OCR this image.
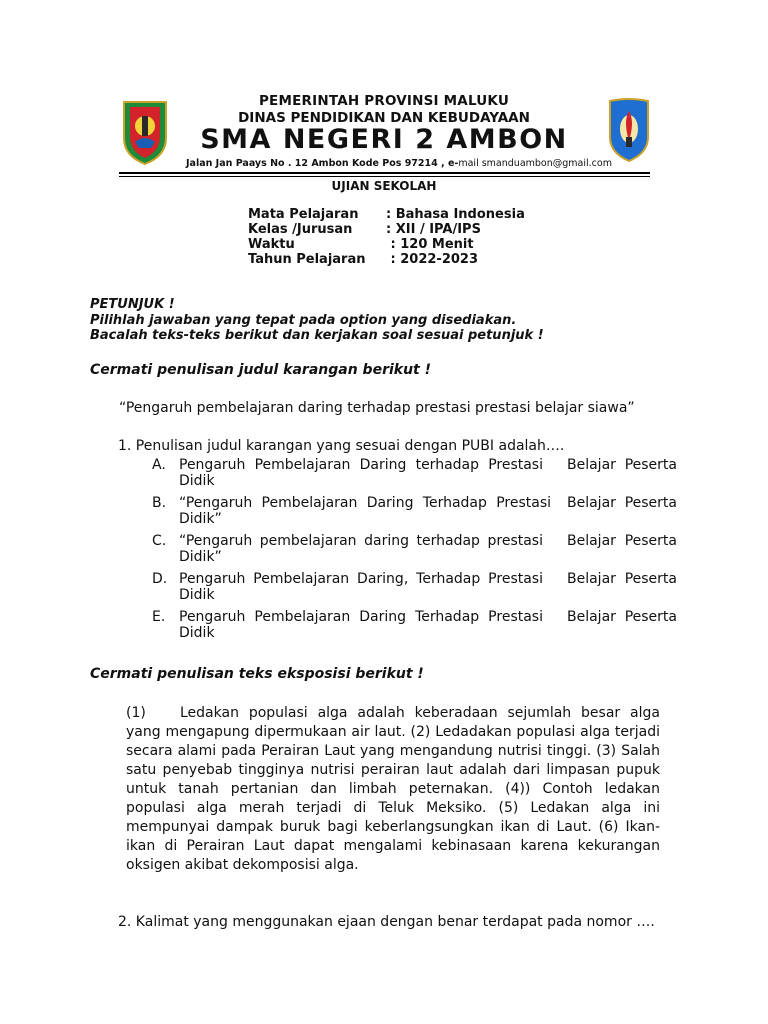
PEMERINTAH PROVINSI MALUKU
DINAS PENDIDIKAN DAN KEBUDAYAAN
SMA NEGERI 2 AMBON
Jalan Jan Paays No . 12 Ambon Kode Pos 97214 , e-mail smanduambon@gmail.com
UJIAN SEKOLAH
Mata Pelajaran : Bahasa Indonesia
Kelas /Jurusan	: XII / IPA/IPS
Waktu	: 120 Menit
Tahun Pelajaran : 2022-2023
PETUNJUK !
Pilihlah jawaban yang tepat pada option yang disediakan.
Bacalah teks-teks berikut dan kerjakan soal sesuai petunjuk !
Cermati penulisan judul karangan berikut !
“Pengaruh pembelajaran daring terhadap prestasi prestasi belajar siawa”
1. Penulisan judul karangan yang sesuai dengan PUBI adalah….
A. Pengaruh Pembelajaran Daring terhadap Prestasi Belajar Peserta
Didik
B. “Pengaruh Pembelajaran Daring Terhadap Prestasi Belajar Peserta
Didik”
C. “Pengaruh pembelajaran daring terhadap prestasi Belajar Peserta
Didik”
D. Pengaruh Pembelajaran Daring, Terhadap Prestasi Belajar Peserta
Didik
E. Pengaruh Pembelajaran Daring Terhadap Prestasi Belajar Peserta
Didik
Cermati penulisan teks eksposisi berikut !
(1) Ledakan populasi alga adalah keberadaan sejumlah besar alga yang mengapung dipermukaan air laut. (2) Ledadakan populasi alga terjadi secara alami pada Perairan Laut yang mengandung nutrisi tinggi. (3) Salah satu penyebab tingginya nutrisi perairan laut adalah dari limpasan pupuk untuk tanah pertanian dan limbah peternakan. (4)) Contoh ledakan populasi alga merah terjadi di Teluk Meksiko. (5) Ledakan alga ini mempunyai dampak buruk bagi keberlangsungkan ikan di Laut. (6) Ikan-ikan di Perairan Laut dapat mengalami kebinasaan karena kekurangan oksigen akibat dekomposisi alga.
2. Kalimat yang menggunakan ejaan dengan benar terdapat pada nomor ….
